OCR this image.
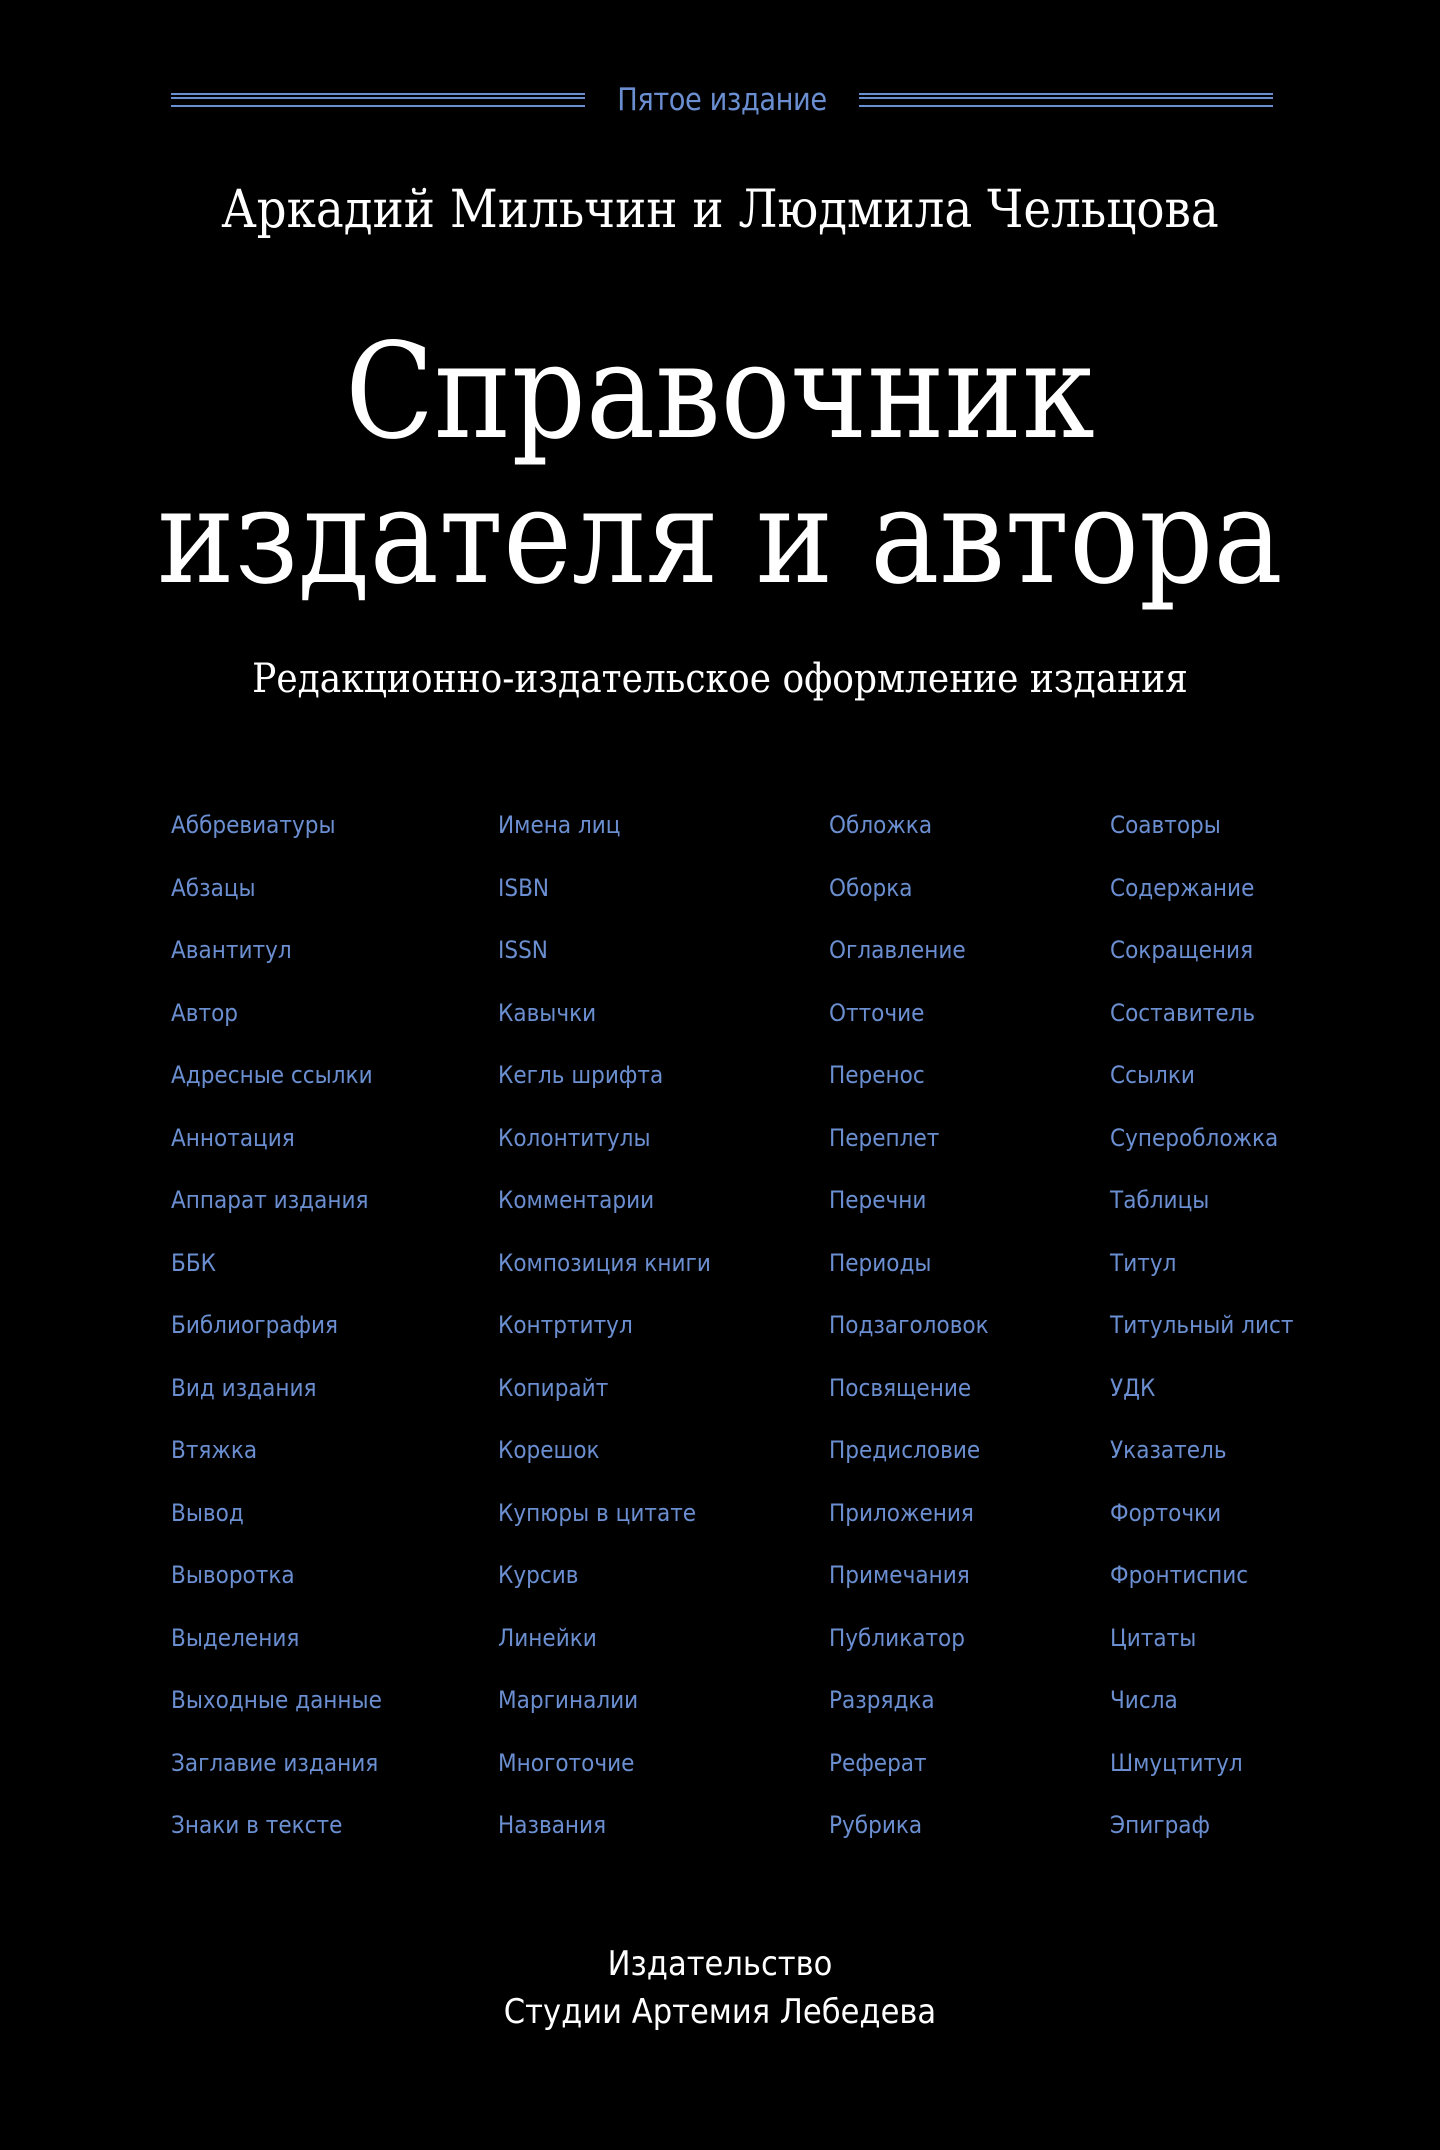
Пятое издание
Аркадий Мильчин и Людмила Чельцова
Справочник
издателя и автора
Редакционно-издательское оформление издания
Аббревиатуры
Абзацы
Авантитул
Автор
Адресные ссылки
Аннотация
Аппарат издания
ББК
Библиография
Вид издания
Втяжка
Вывод
Выворотка
Выделения
Выходные данные
Заглавие издания
Знаки в тексте
Имена лиц
ISBN
ISSN
Кавычки
Кегль шрифта
Колонтитулы
Комментарии
Композиция книги
Контртитул
Копирайт
Корешок
Купюры в цитате
Курсив
Линейки
Маргиналии
Многоточие
Названия
Обложка
Оборка
Оглавление
Отточие
Перенос
Переплет
Перечни
Периоды
Подзаголовок
Посвящение
Предисловие
Приложения
Примечания
Публикатор
Разрядка
Реферат
Рубрика
Соавторы
Содержание
Сокращения
Составитель
Ссылки
Суперобложка
Таблицы
Титул
Титульный лист
УДК
Указатель
Форточки
Фронтиспис
Цитаты
Числа
Шмуцтитул
Эпиграф
Издательство
Студии Артемия Лебедева
